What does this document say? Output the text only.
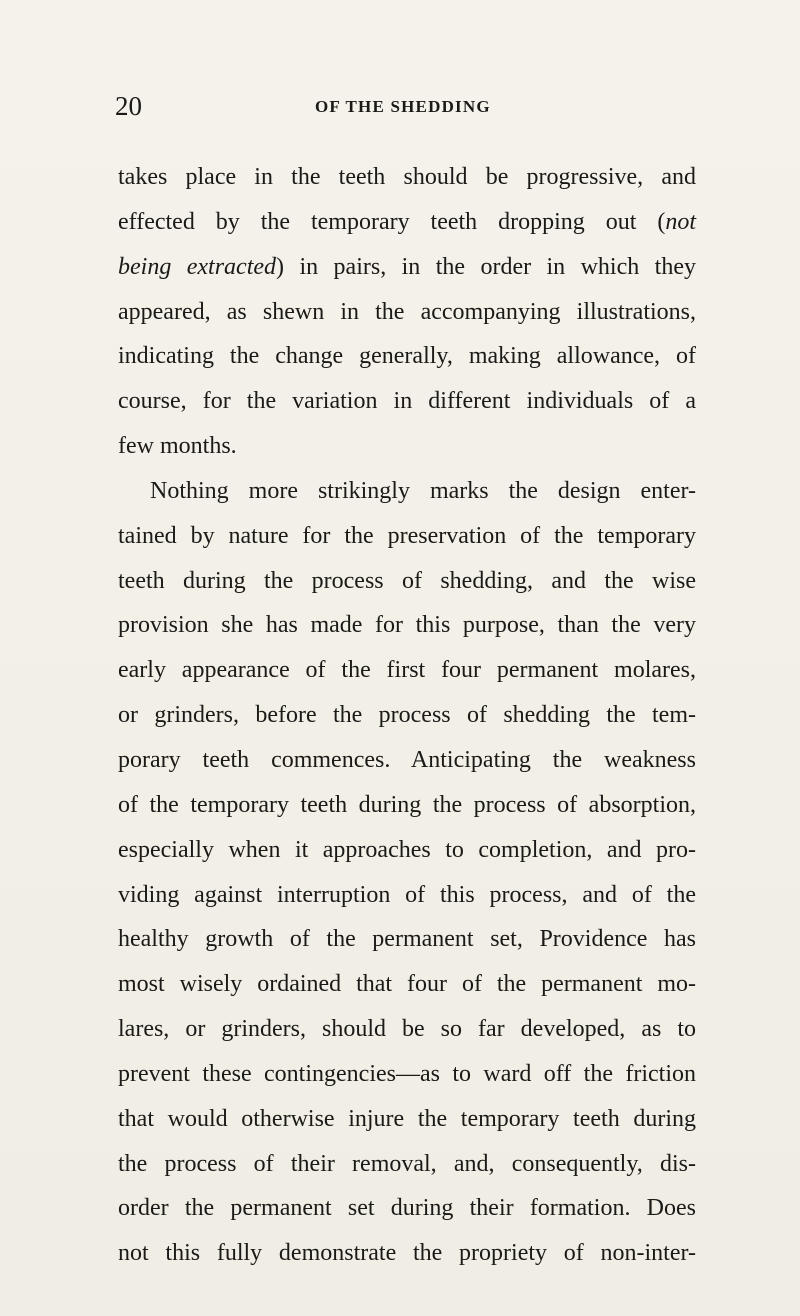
20	OF THE SHEDDING
takes place in the teeth should be progressive, and
effected by the temporary teeth dropping out (not
being extracted) in pairs, in the order in which they
appeared, as shewn in the accompanying illustrations,
indicating the change generally, making allowance, of
course, for the variation in different individuals of a
few months.
Nothing more strikingly marks the design enter-
tained by nature for the preservation of the temporary
teeth during the process of shedding, and the wise
provision she has made for this purpose, than the very
early appearance of the first four permanent molares,
or grinders, before the process of shedding the tem-
porary teeth commences. Anticipating the weakness
of the temporary teeth during the process of absorption,
especially when it approaches to completion, and pro-
viding against interruption of this process, and of the
healthy growth of the permanent set, Providence has
most wisely ordained that four of the permanent mo-
lares, or grinders, should be so far developed, as to
prevent these contingencies—as to ward off the friction
that would otherwise injure the temporary teeth during
the process of their removal, and, consequently, dis-
order the permanent set during their formation. Does
not this fully demonstrate the propriety of non-inter-
